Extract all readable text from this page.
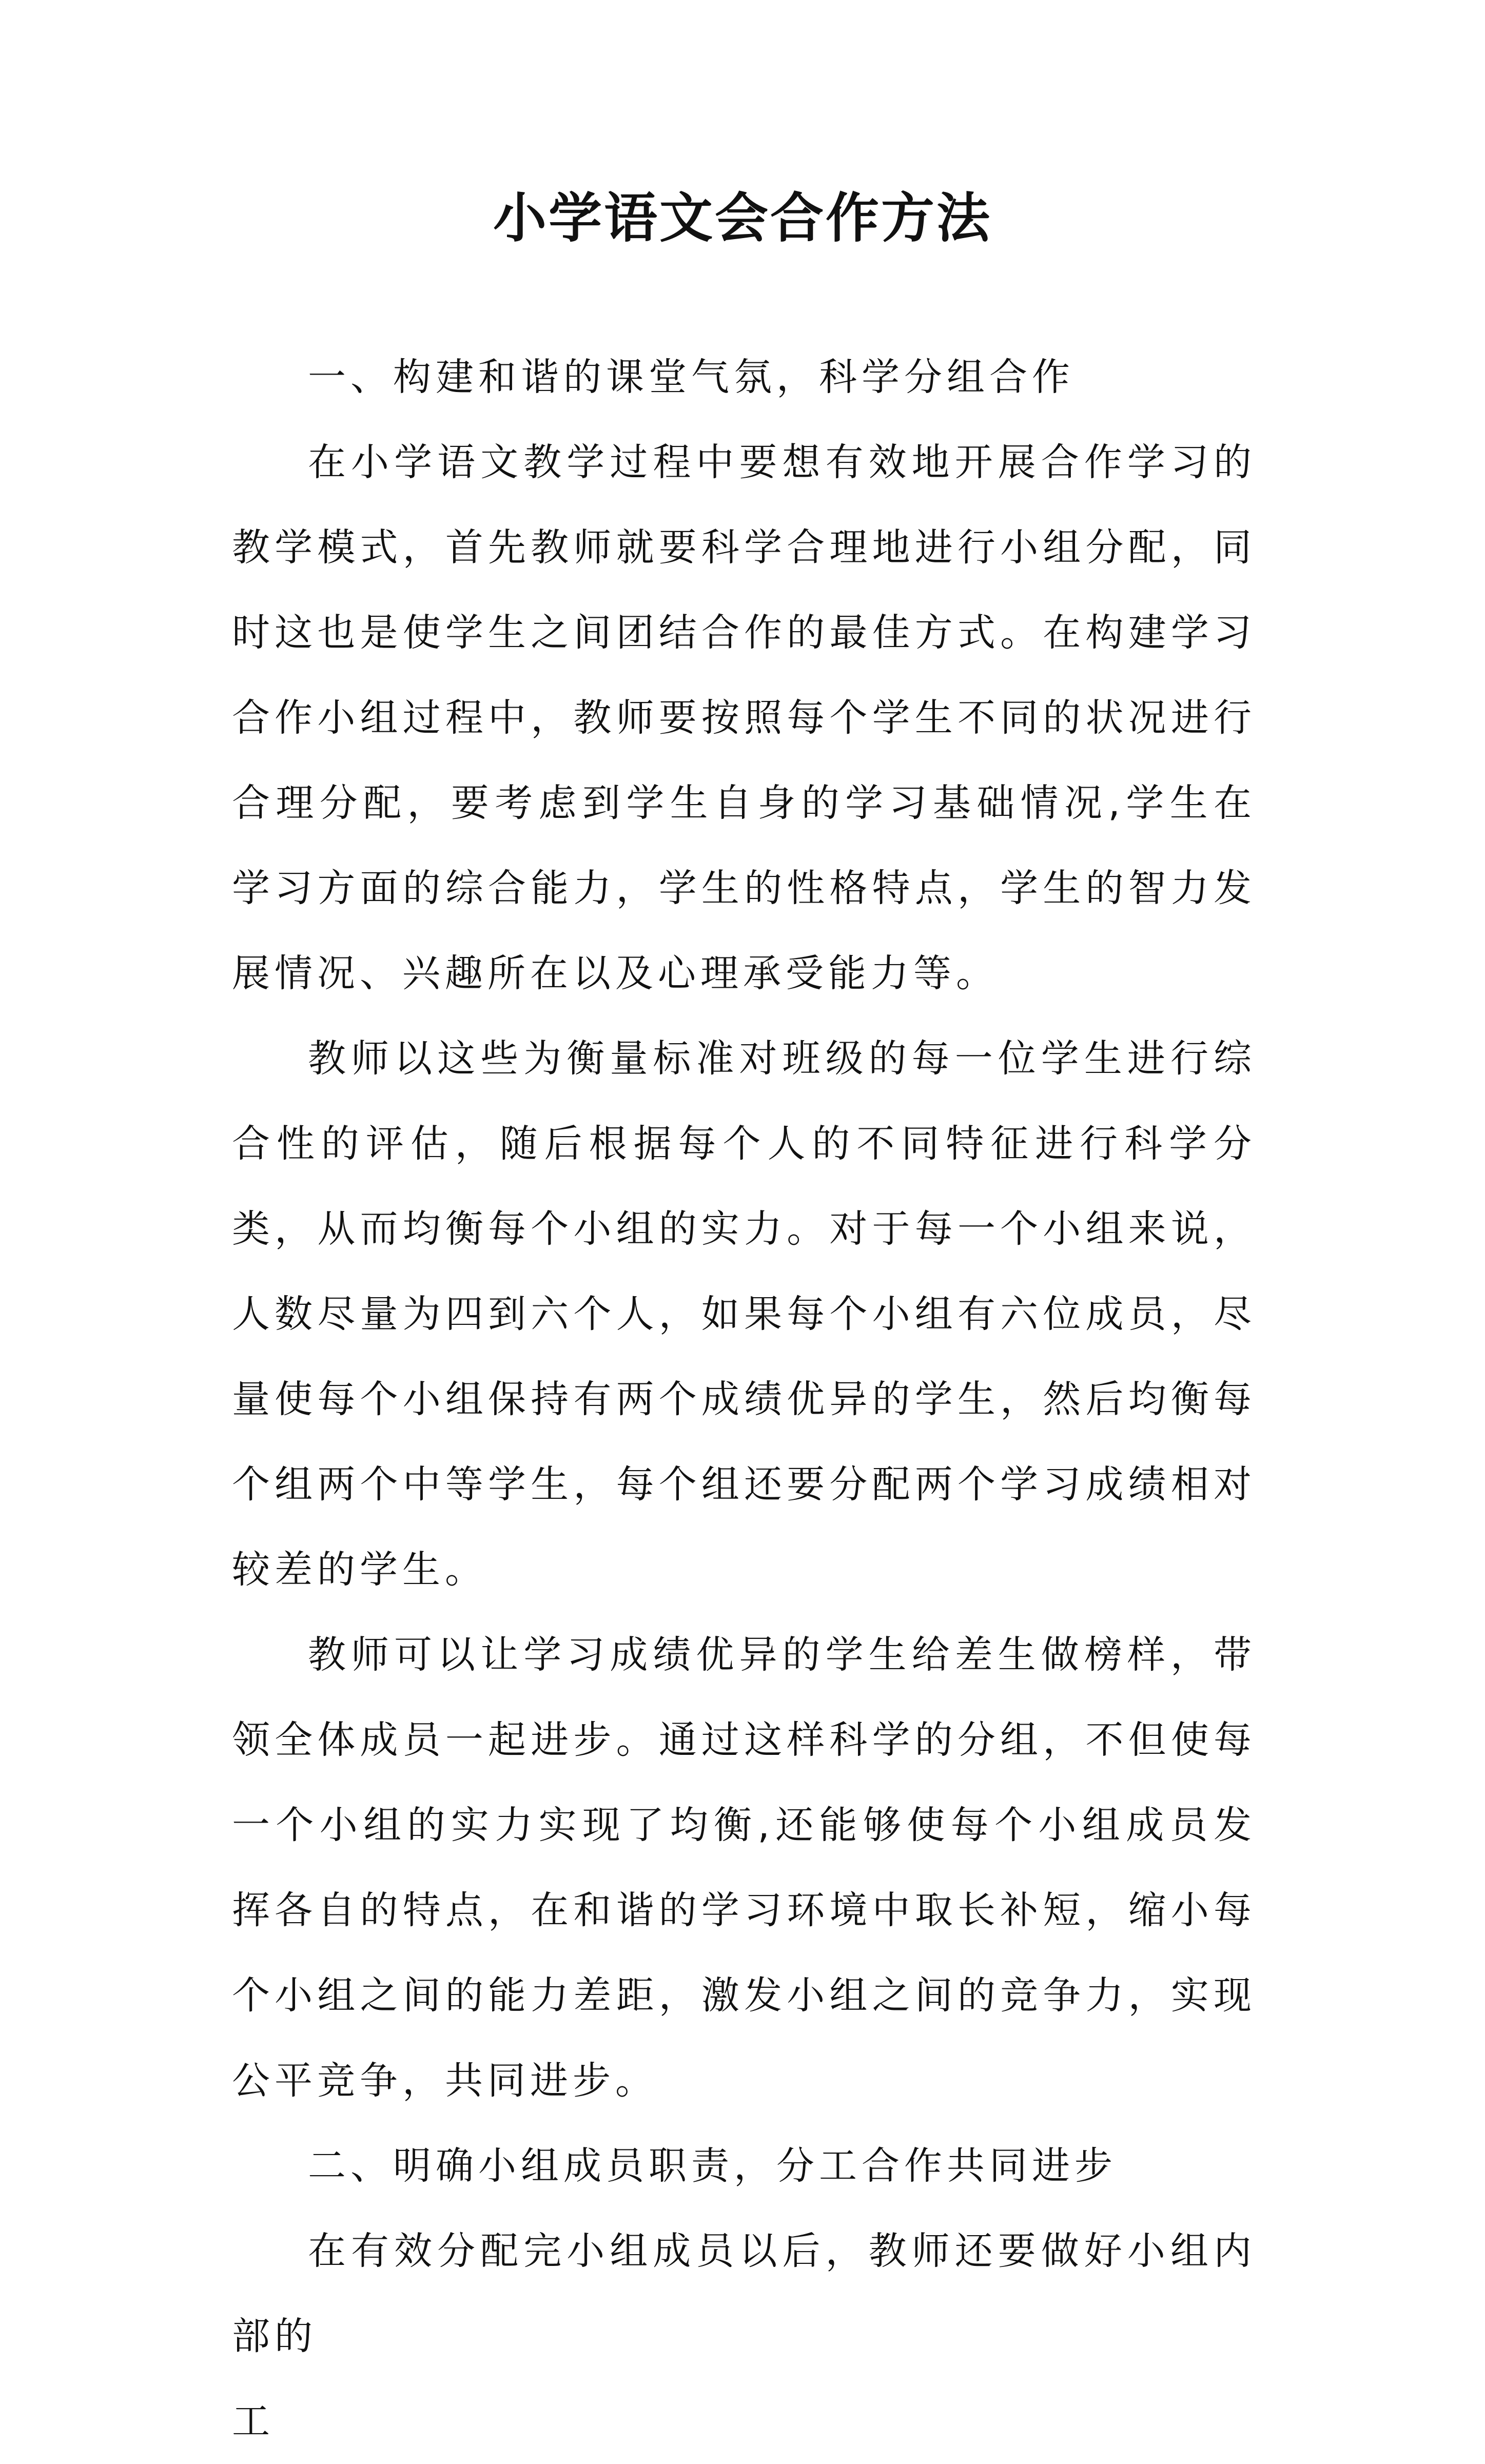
小学语文会合作方法

一、构建和谐的课堂气氛，科学分组合作

在小学语文教学过程中要想有效地开展合作学习的教学模式，首先教师就要科学合理地进行小组分配，同时这也是使学生之间团结合作的最佳方式。在构建学习合作小组过程中，教师要按照每个学生不同的状况进行合理分配，要考虑到学生自身的学习基础情况,学生在学习方面的综合能力，学生的性格特点，学生的智力发展情况、兴趣所在以及心理承受能力等。

教师以这些为衡量标准对班级的每一位学生进行综合性的评估，随后根据每个人的不同特征进行科学分类，从而均衡每个小组的实力。对于每一个小组来说，人数尽量为四到六个人，如果每个小组有六位成员，尽量使每个小组保持有两个成绩优异的学生，然后均衡每个组两个中等学生，每个组还要分配两个学习成绩相对较差的学生。

教师可以让学习成绩优异的学生给差生做榜样，带领全体成员一起进步。通过这样科学的分组，不但使每一个小组的实力实现了均衡,还能够使每个小组成员发挥各自的特点，在和谐的学习环境中取长补短，缩小每个小组之间的能力差距，激发小组之间的竞争力，实现公平竞争，共同进步。

二、明确小组成员职责，分工合作共同进步

在有效分配完小组成员以后，教师还要做好小组内部的

工
